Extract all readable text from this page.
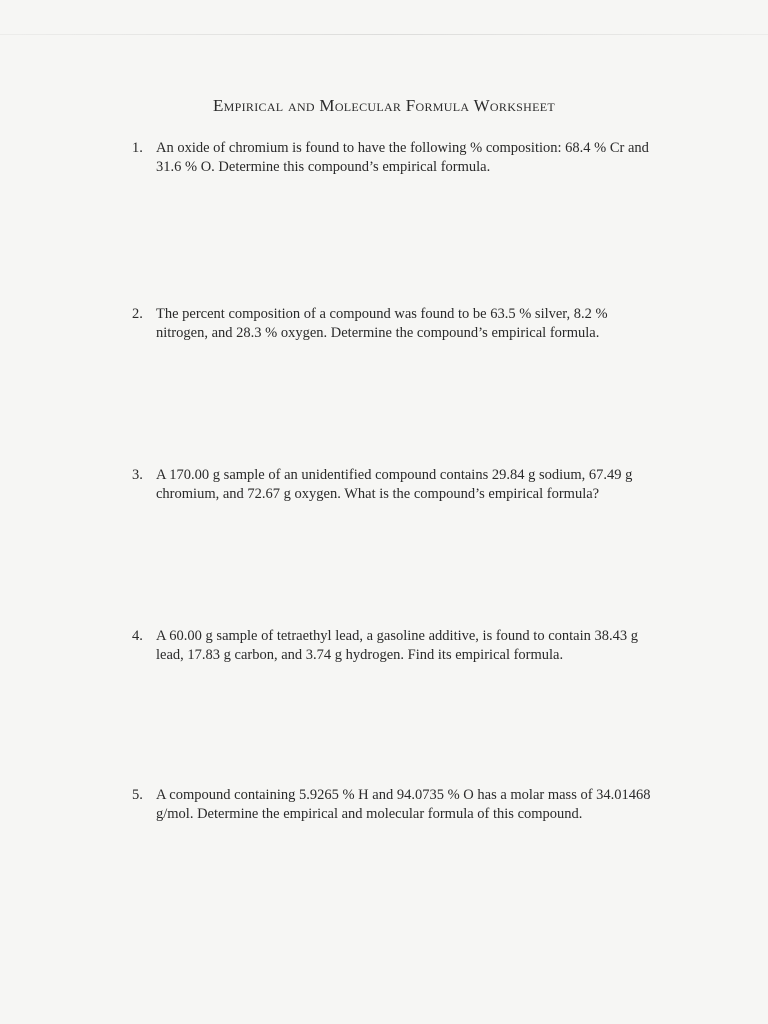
Empirical and Molecular Formula Worksheet
1. An oxide of chromium is found to have the following % composition: 68.4 % Cr and 31.6 % O. Determine this compound’s empirical formula.
2. The percent composition of a compound was found to be 63.5 % silver, 8.2 % nitrogen, and 28.3 % oxygen. Determine the compound’s empirical formula.
3. A 170.00 g sample of an unidentified compound contains 29.84 g sodium, 67.49 g chromium, and 72.67 g oxygen. What is the compound’s empirical formula?
4. A 60.00 g sample of tetraethyl lead, a gasoline additive, is found to contain 38.43 g lead, 17.83 g carbon, and 3.74 g hydrogen. Find its empirical formula.
5. A compound containing 5.9265 % H and 94.0735 % O has a molar mass of 34.01468 g/mol. Determine the empirical and molecular formula of this compound.
